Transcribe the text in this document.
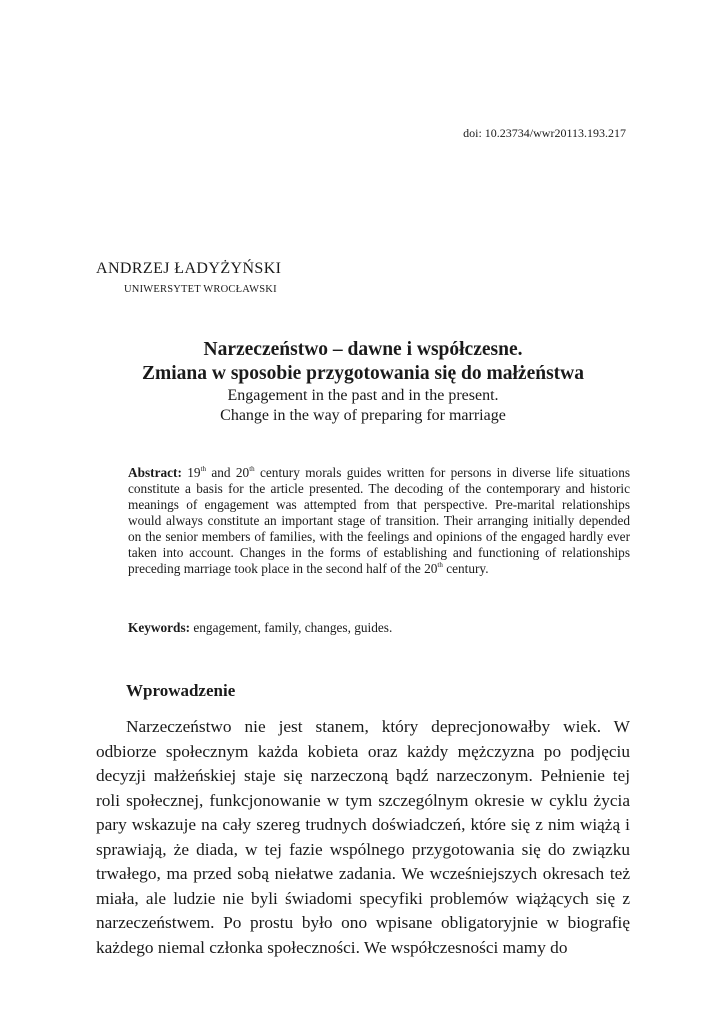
doi: 10.23734/wwr20113.193.217
ANDRZEJ ŁADYŻYŃSKI
UNIWERSYTET WROCŁAWSKI

Narzeczeństwo – dawne i współczesne.

Zmiana w sposobie przygotowania się do małżeństwa

Engagement in the past and in the present.

Change in the way of preparing for marriage

Abstract: 19th and 20th century morals guides written for persons in diverse life situations constitute a basis for the article presented. The decoding of the contemporary and historic meanings of engagement was attempted from that perspective. Pre-marital relationships would always constitute an important stage of transition. Their arranging initially depended on the senior members of families, with the feelings and opinions of the engaged hardly ever taken into account. Changes in the forms of establishing and functioning of relationships preceding marriage took place in the second half of the 20th century.
Keywords: engagement, family, changes, guides.
Wprowadzenie

Narzeczeństwo nie jest stanem, który deprecjonowałby wiek. W odbiorze społecznym każda kobieta oraz każdy mężczyzna po podjęciu decyzji małżeńskiej staje się narzeczoną bądź narzeczonym. Pełnienie tej roli społecznej, funkcjonowanie w tym szczególnym okresie w cyklu życia pary wskazuje na cały szereg trudnych doświadczeń, które się z nim wiążą i sprawiają, że diada, w tej fazie wspólnego przygotowania się do związku trwałego, ma przed sobą niełatwe zadania. We wcześniejszych okresach też miała, ale ludzie nie byli świadomi specyfiki problemów wiążących się z narzeczeństwem. Po prostu było ono wpisane obligatoryjnie w biografię każdego niemal członka społeczności. We współczesności mamy do
